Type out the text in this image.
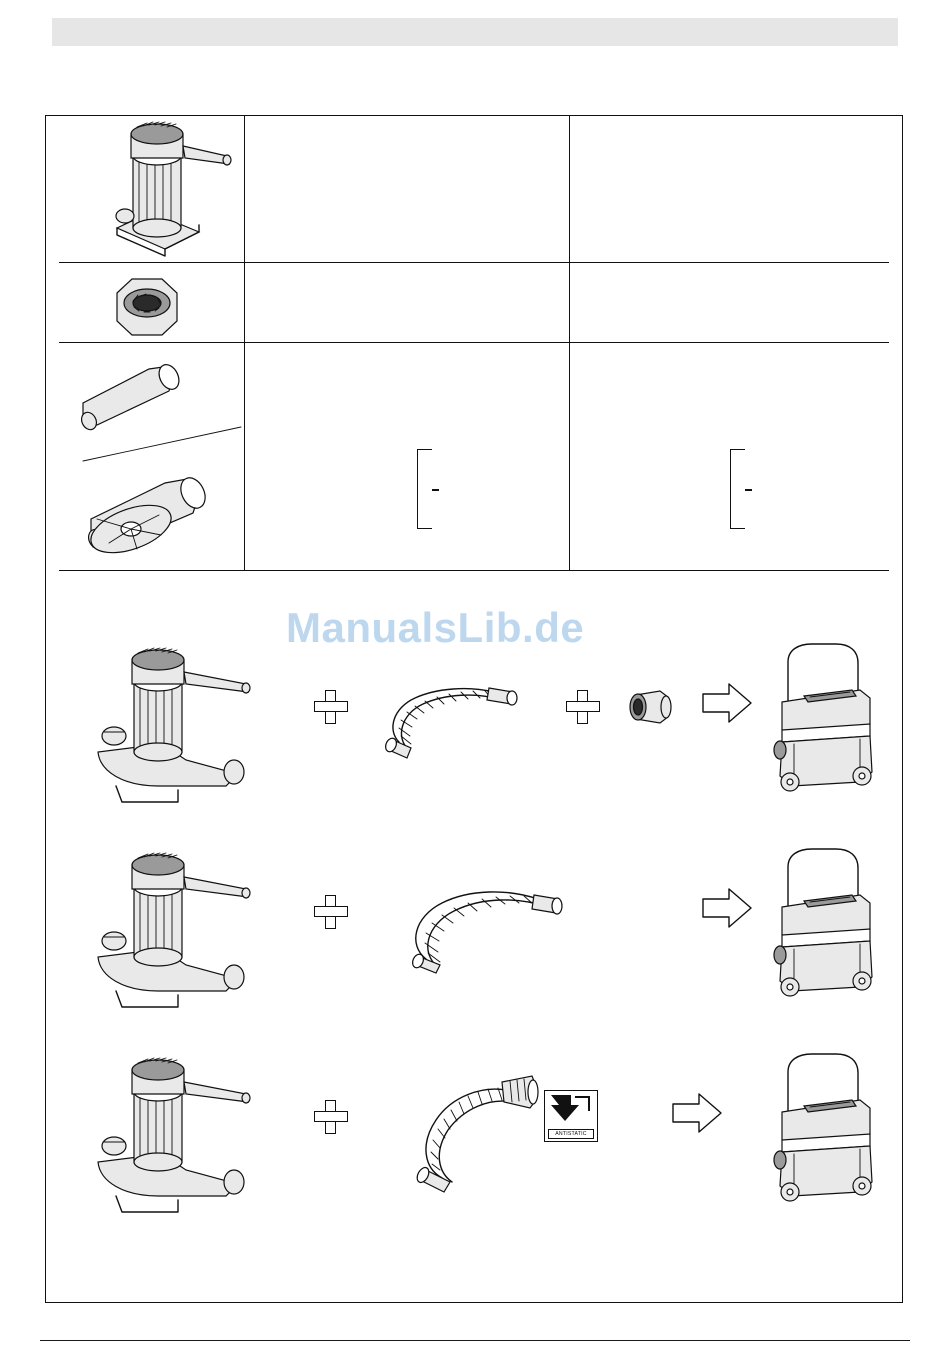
ManualsLib.de
ANTISTATIC
